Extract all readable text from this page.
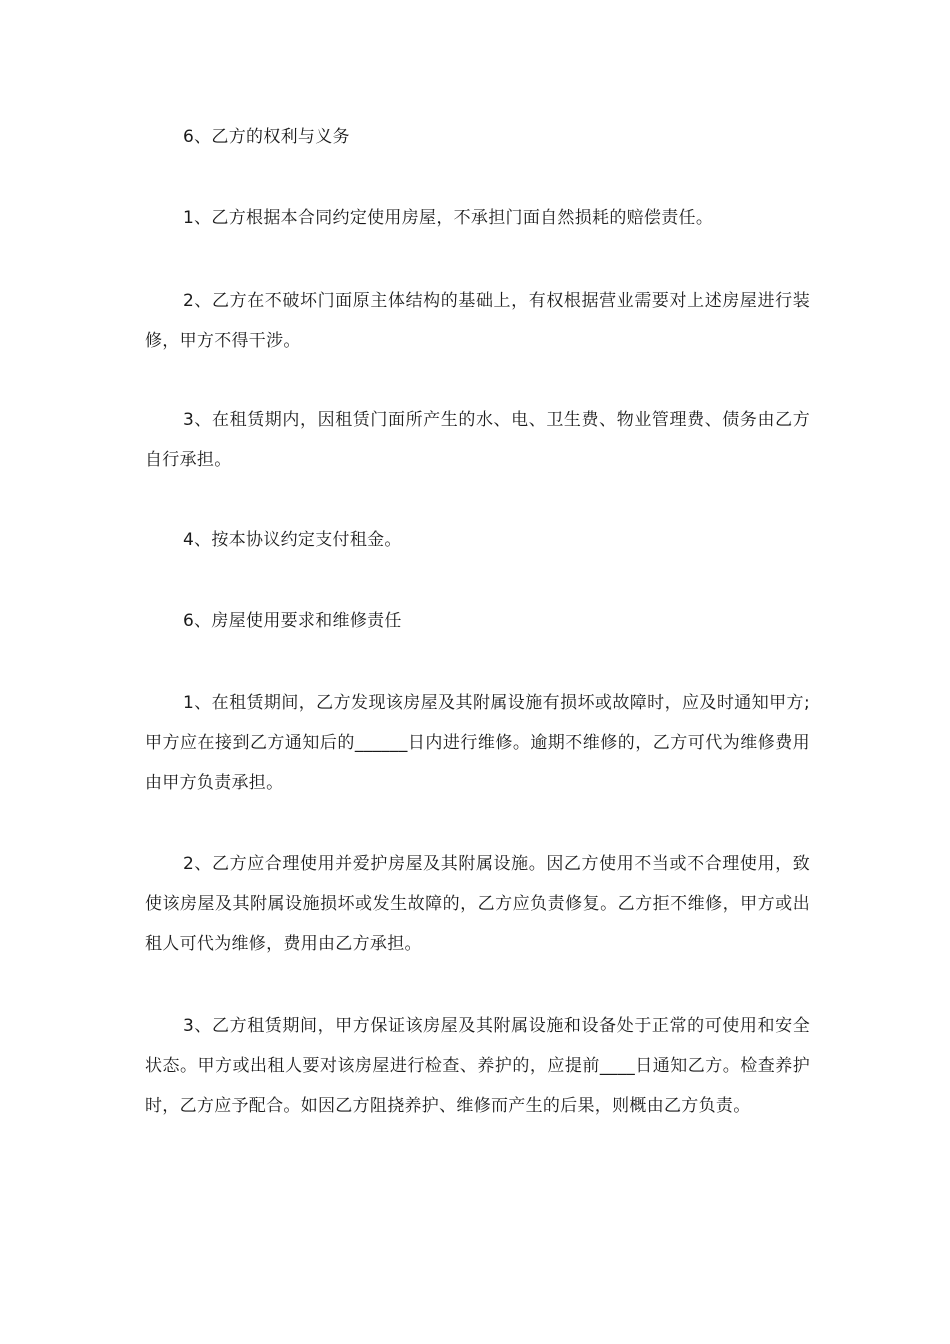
6、乙方的权利与义务

1、乙方根据本合同约定使用房屋，不承担门面自然损耗的赔偿责任。

2、乙方在不破坏门面原主体结构的基础上，有权根据营业需要对上述房屋进行装修，甲方不得干涉。

3、在租赁期内，因租赁门面所产生的水、电、卫生费、物业管理费、债务由乙方自行承担。

4、按本协议约定支付租金。

6、房屋使用要求和维修责任

1、在租赁期间，乙方发现该房屋及其附属设施有损坏或故障时，应及时通知甲方;甲方应在接到乙方通知后的______日内进行维修。逾期不维修的，乙方可代为维修费用由甲方负责承担。

2、乙方应合理使用并爱护房屋及其附属设施。因乙方使用不当或不合理使用，致使该房屋及其附属设施损坏或发生故障的，乙方应负责修复。乙方拒不维修，甲方或出租人可代为维修，费用由乙方承担。

3、乙方租赁期间，甲方保证该房屋及其附属设施和设备处于正常的可使用和安全状态。甲方或出租人要对该房屋进行检查、养护的，应提前____日通知乙方。检查养护时，乙方应予配合。如因乙方阻挠养护、维修而产生的后果，则概由乙方负责。
